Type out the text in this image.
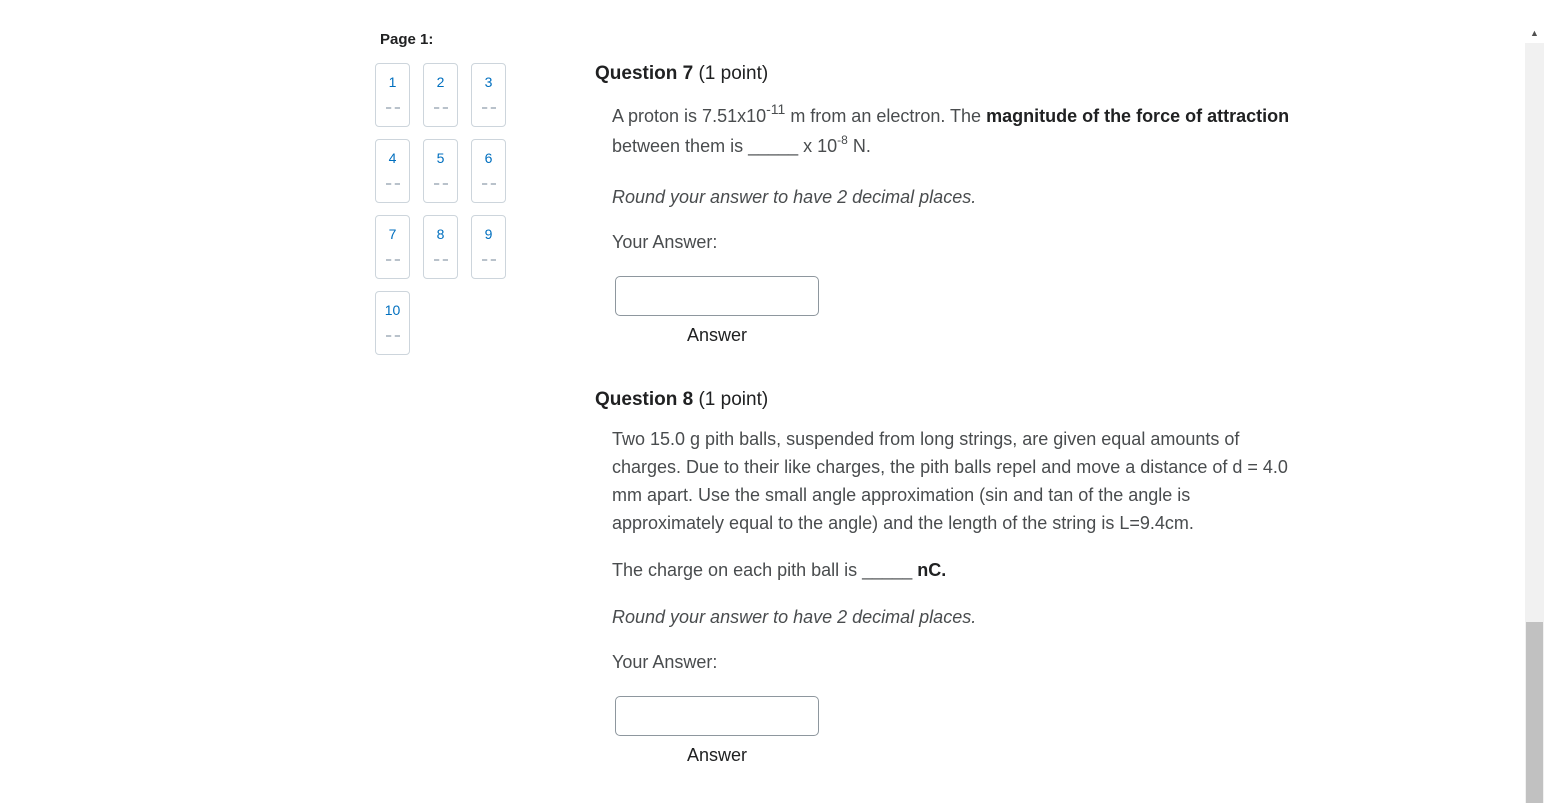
Page 1:
1	2	3
4	5	6
7	8	9
10
Question 7 (1 point)
A proton is $7.51x10^{-11}$ m from an electron. The magnitude of the force of attraction
between them is _____ x $10^{-8}$ N.
Round your answer to have 2 decimal places.
Your Answer:
Answer
Question 8 (1 point)
Two 15.0 g pith balls, suspended from long strings, are given equal amounts of
charges. Due to their like charges, the pith balls repel and move a distance of d = 4.0
mm apart. Use the small angle approximation (sin and tan of the angle is
approximately equal to the angle) and the length of the string is L=9.4cm.
The charge on each pith ball is _____ nC.
Round your answer to have 2 decimal places.
Your Answer:
Answer
▲
